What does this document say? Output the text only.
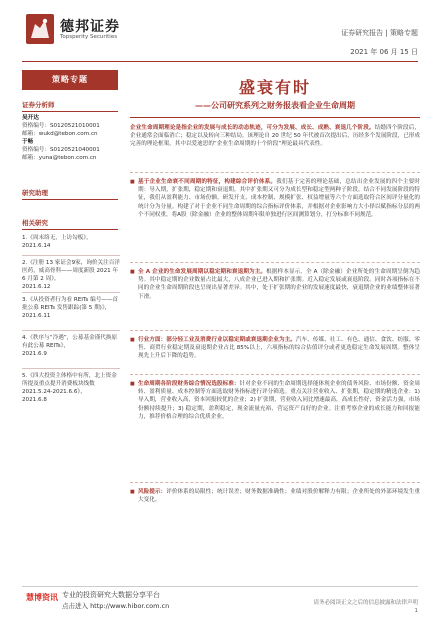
德邦证券
Topsperity Securities	证券研究报告 | 策略专题
2021 年 06 月 15 日
策略专题
证券分析师
吴开达
资格编号：S0120521010001
邮箱：wukd@tebon.com.cn
于畅
资格编号：S0120521040001
邮箱：yuna@tebon.com.cn
研究助理
相关研究
1.《周末络无，上访勾板》，
2021.6.14
2.《注册 13 家证会9家，询价关注百洋医药，威高骨科——周度新股 2021 年 6 月第 2 周》，
2021.6.12
3.《从投资者行为看 REITs 编号——首批公募 REITs 发售跟踪(第 5 期)》，
2021.6.11
4.《秩序与“冷遇”，公募基金谨代换原有此公募 REITs》，
2021.6.9
5.《四大投资主体格中有所，北上资金所提及重点提升消费板块线数 2021.5.24-2021.6.6》，
2021.6.8
盛衰有时
——公司研究系列之财务报表看企业生命周期
企业生命周期理论是指企业的发展与成长的动态轨迹，可分为发展、成长、成熟、衰退几个阶段。结婚四个阶段后，企业通常会面临消亡；稳定以及转向三种结局。该理论自 20 世纪 50 年代被首次提出后，历经多个发展阶段，已形成完善的理论框架，其中以爱迪思的“企业生命周期的十个阶段”理论最具代表性。
■ 基于企业生命衰不同周期的特征，构建综合评价体系。我们基于完善的理论基础，总结出企业发展的四个主要时期：导入期，扩张期，稳定期和衰退期。其中扩张期又可分为成长型和稳定型两种子阶段。结合不同发展阶段的特征，我们从盈利能力、市场份额、研发开支、成本控制、规模扩张、权益增量等六个方面选取符合区间评分量化的统计分为分量。构建了对于企业不同生命周期的综合指标评价体系，并根据对企业影响力大小择以赋指标分层的两个不同权重，将A股（除金融）企业的整体周期年限单独进行区间测算划分，打分标准不同规范。
■ 全 A 企业的生命发展周期以稳定期和衰退期为主。根据样本显示，全 A（除金融）企业所处的生命周期呈倒为趋势。其中稳定期的企业数量占比最大，八成企业已进入期和扩张期。近入稳定发展或衰退阶段。同时各项指标在不同的企业生命周期阶段也呈现出显著差异。其中，处于扩张期的企业的发展速度最快，衰退期企业的业绩整体显著下滑。
■ 行业方面：部分轻工业及消费行业以稳定期或衰退期企业为主。汽车、传媒、社工、有色、通信、食饮、纺服、零售、商贸行业稳定期及衰退期企业占比 85%以上，六项指标的综合估值评分或者更迭稳定生命发展周期。整体呈现先上升后下降的趋势。
■ 生命周期各阶段财务综合情况选股标准：针对企业不同的生命周期选择能体现企业的债务风险、市场份额、资金周转、盈利质量、成本控制等方面选取财务指标进行评分筛选。重点关注营业收入、扩张期，稳定期的精选企业：1) 导入期，营业收入高，资本回报较优的企业；2) 扩张期，营业收入同比增速最高，高成长性好，资金活力强，市场份额持续提升；3) 稳定期，盈利稳定，现金流量充裕，营运资产良好的企业。注重考察企业的成长能力和回报能力，推荐价格合理的综合优质企业。
■ 风险提示：评价体系的局限性；统计误差；财务数据准确性；业绩对股价解释力有限；企业所处的外部环境发生重大变化。
慧博资讯 专业的投资研究大数据分享平台
点击进入 http://www.hibor.com.cn	请务必阅读正文之后的信息披露和法律声明
1
